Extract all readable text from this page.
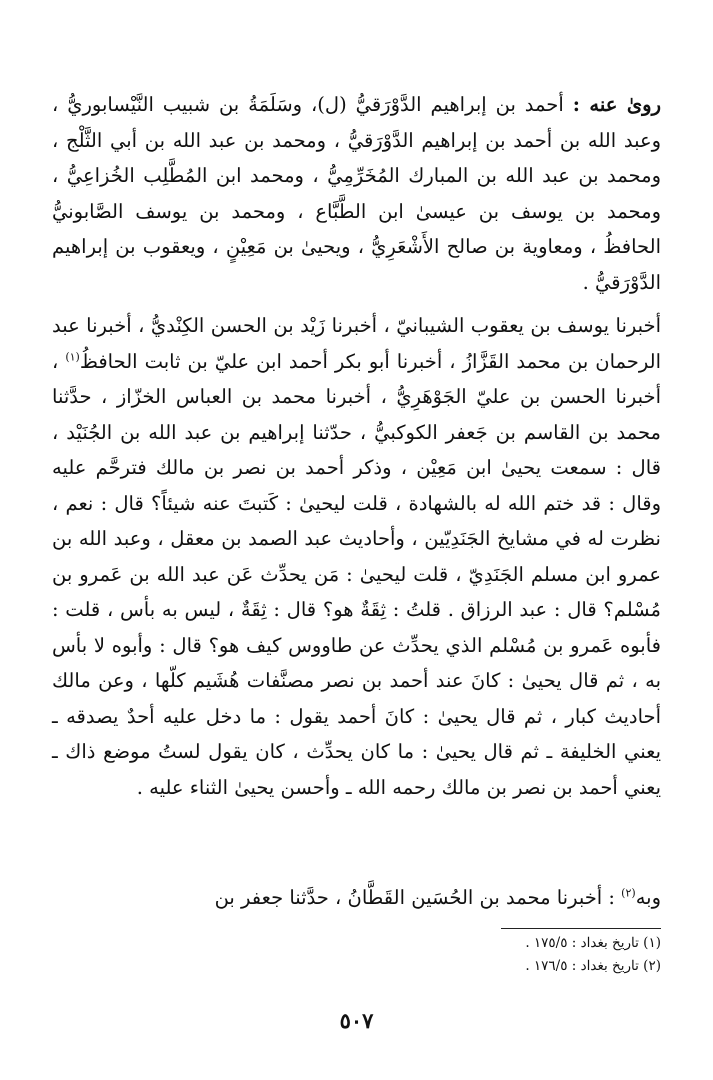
روىٰ عنه : أحمد بن إبراهيم الدَّوْرَقيُّ (ل)، وسَلَمَةُ بن شبيب النَّيْسابوريُّ ، وعبد الله بن أحمد بن إبراهيم الدَّوْرَقيُّ ، ومحمد بن عبد الله بن أبي الثَّلْج ، ومحمد بن عبد الله بن المبارك المُخَرِّمِيُّ ، ومحمد ابن المُطَّلِب الخُزاعِيُّ ، ومحمد بن يوسف بن عيسىٰ ابن الطَّبَّاع ، ومحمد بن يوسف الصَّابونيُّ الحافظُ ، ومعاوية بن صالح الأَشْعَرِيُّ ، ويحيىٰ بن مَعِيْنٍ ، ويعقوب بن إبراهيم الدَّوْرَقيُّ .

أخبرنا يوسف بن يعقوب الشيبانيّ ، أخبرنا زَيْد بن الحسن الكِنْديُّ ، أخبرنا عبد الرحمان بن محمد القَزَّازُ ، أخبرنا أبو بكر أحمد ابن عليّ بن ثابت الحافظُ$^{(١)}$ ، أخبرنا الحسن بن عليّ الجَوْهَرِيُّ ، أخبرنا محمد بن العباس الخزّاز ، حدَّثنا محمد بن القاسم بن جَعفر الكوكبيُّ ، حدّثنا إبراهيم بن عبد الله بن الجُنَيْد ، قال : سمعت يحيىٰ ابن مَعِيْن ، وذكر أحمد بن نصر بن مالك فترحَّم عليه وقال : قد ختم الله له بالشهادة ، قلت ليحيىٰ : كَتبتَ عنه شيئاً؟ قال : نعم ، نظرت له في مشايخ الجَنَدِيّين ، وأحاديث عبد الصمد بن معقل ، وعبد الله بن عمرو ابن مسلم الجَنَدِيّ ، قلت ليحيىٰ : مَن يحدِّث عَن عبد الله بن عَمرو بن مُسْلم؟ قال : عبد الرزاق . قلتُ : ثِقَةٌ هو؟ قال : ثِقَةٌ ، ليس به بأس ، قلت : فأبوه عَمرو بن مُسْلم الذي يحدِّث عن طاووس كيف هو؟ قال : وأبوه لا بأس به ، ثم قال يحيىٰ : كانَ عند أحمد بن نصر مصنَّفات هُشَيم كلّها ، وعن مالك أحاديث كبار ، ثم قال يحيىٰ : كانَ أحمد يقول : ما دخل عليه أحدٌ يصدقه ـ يعني الخليفة ـ ثم قال يحيىٰ : ما كان يحدِّث ، كان يقول لستُ موضع ذاك ـ يعني أحمد بن نصر بن مالك رحمه الله ـ وأحسن يحيىٰ الثناء عليه .

وبه$^{(٢)}$ : أخبرنا محمد بن الحُسَين القَطَّانُ ، حدَّثنا جعفر بن

(١) تاريخ بغداد : ١٧٥/٥ .

(٢) تاريخ بغداد : ١٧٦/٥ .

٥٠٧
